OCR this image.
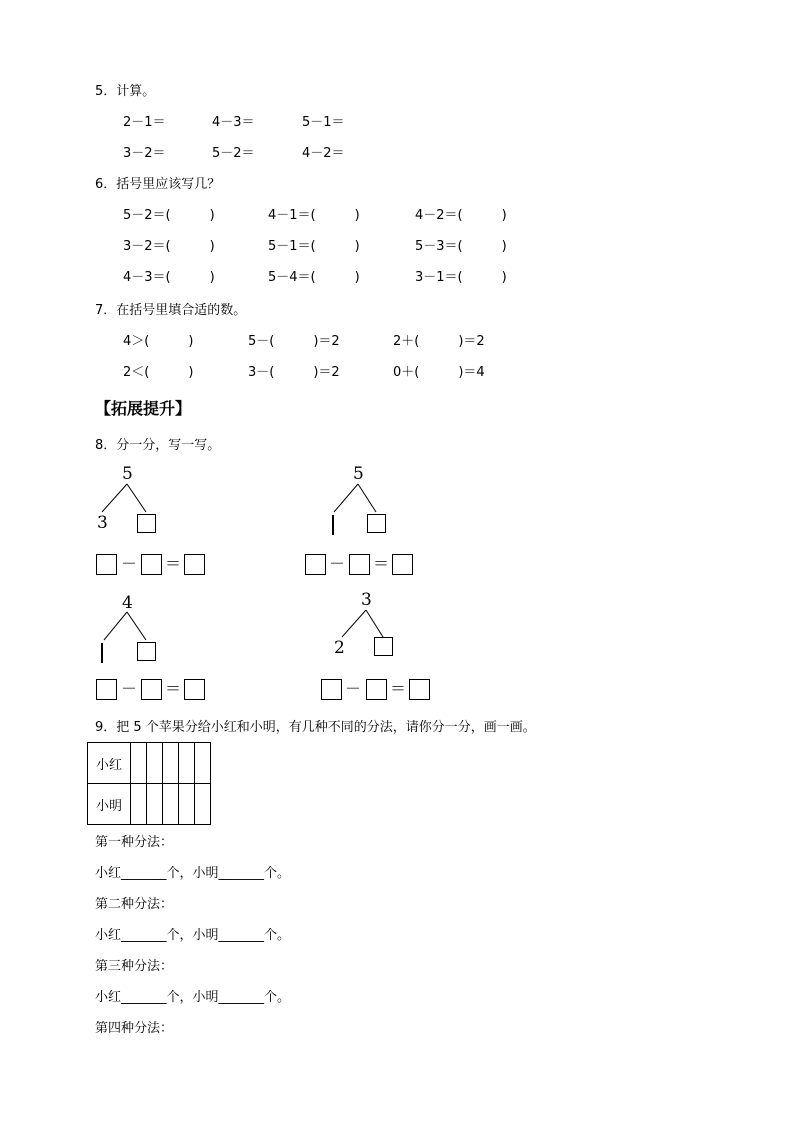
5．计算。
2－1＝	4－3＝	5－1＝
3－2＝	5－2＝	4－2＝
6．括号里应该写几？
5－2＝(　　　)	4－1＝(　　　)	4－2＝(　　　)
3－2＝(　　　)	5－1＝(　　　)	5－3＝(　　　)
4－3＝(　　　)	5－4＝(　　　)	3－1＝(　　　)
7．在括号里填合适的数。
4＞(　　　)	5－(　　　)＝2	2＋(　　　)＝2
2＜(　　　)	3－(　　　)＝2	0＋(　　　)＝4
【拓展提升】
8．分一分，写一写。
5
3
5
－ ＝	－ ＝
4	3
2
－ ＝	－ ＝
9．把 5 个苹果分给小红和小明，有几种不同的分法，请你分一分，画一画。
小红					
小明					
第一种分法：
小红_______个，小明_______个。
第二种分法：
小红_______个，小明_______个。
第三种分法：
小红_______个，小明_______个。
第四种分法：
